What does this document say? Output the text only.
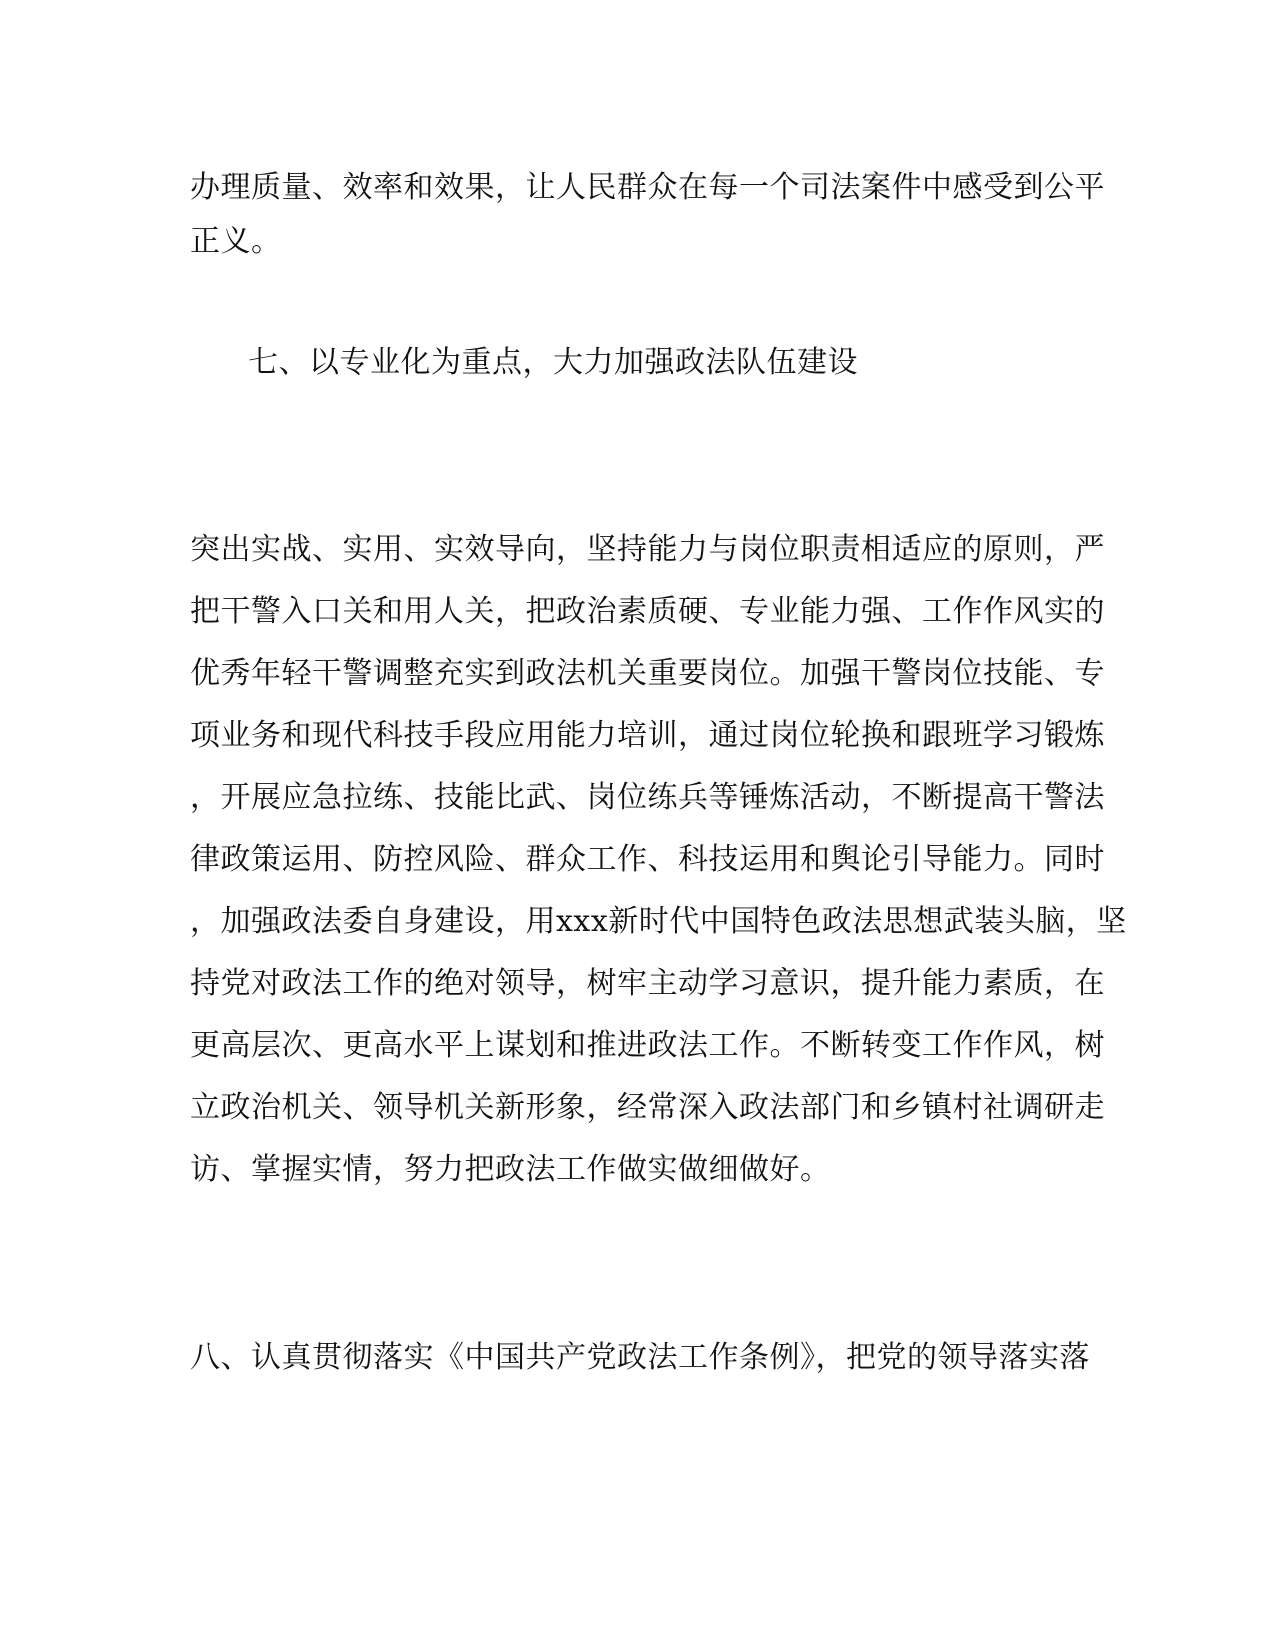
办理质量、效率和效果，让人民群众在每一个司法案件中感受到公平
正义。
七、以专业化为重点，大力加强政法队伍建设
突出实战、实用、实效导向，坚持能力与岗位职责相适应的原则，严
把干警入口关和用人关，把政治素质硬、专业能力强、工作作风实的
优秀年轻干警调整充实到政法机关重要岗位。加强干警岗位技能、专
项业务和现代科技手段应用能力培训，通过岗位轮换和跟班学习锻炼
，开展应急拉练、技能比武、岗位练兵等锤炼活动，不断提高干警法
律政策运用、防控风险、群众工作、科技运用和舆论引导能力。同时
，加强政法委自身建设，用xxx新时代中国特色政法思想武装头脑，坚
持党对政法工作的绝对领导，树牢主动学习意识，提升能力素质，在
更高层次、更高水平上谋划和推进政法工作。不断转变工作作风，树
立政治机关、领导机关新形象，经常深入政法部门和乡镇村社调研走
访、掌握实情，努力把政法工作做实做细做好。
八、认真贯彻落实《中国共产党政法工作条例》，把党的领导落实落
